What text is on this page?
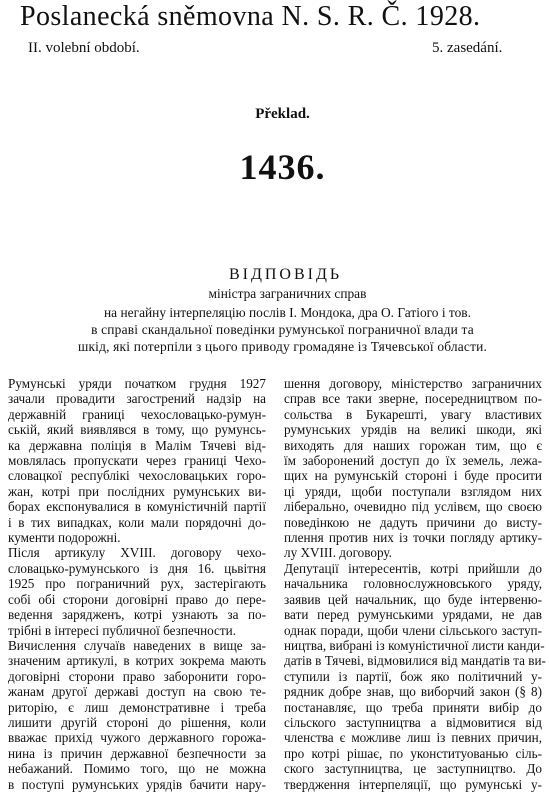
Poslanecká sněmovna N. S. R. Č. 1928.
II. volební období.	5. zasedání.
Překlad.
1436.
ВІДПОВІДЬ
міністра заграничних справ
на негайну інтерпеляцію послів І. Мондока, дра О. Гатіого і тов.
в справі скандальної поведінки румунської пограничної влади та
шкід, які потерпіли з цього приводу громадяне із Тячевської области.
Румунські уряди початком грудня 1927
зачали провадити загострений надзір на
державній границі чехословацько-румун-
ській, який виявлявся в тому, що румунсь-
ка державна поліція в Малім Тячеві від-
мовлялась пропускати через границі Чехо-
словацкої республікі чехословацьких горо-
жан, котрі при послідних румунських ви-
борах експонувалися в комуністичній партії
і в тих випадках, коли мали порядочні до-
кументи подорожні.
Після артикулу XVIII. договору чехо-
словацько-румунського із дня 16. цьвітня
1925 про пограничний рух, застерігають
собі обі сторони договірні право до пере-
ведення зарядженъ, котрі узнають за по-
трібні в інтересі публичної безпечности.
Вичислення случаїв наведених в вище за-
значеним артикулі, в котрих зокрема мають
договірні сторони право заборонити горо-
жанам другої державі доступ на свою те-
риторію, є лиш демонстративне і треба
лишити другій стороні до рішення, коли
вважає прихід чужого державного горожа-
нина із причин державної безпечности за
небажаний. Помимо того, що не можна
в поступі румунських урядів бачити нару-
шення договору, міністерство заграничних
справ все таки зверне, посередництвом по-
сольства в Букарешті, увагу властивих
румунських урядів на великі шкоди, які
виходять для наших горожан тим, що є
їм заборонений доступ до їх земель, лежа-
щих на румунській стороні і буде просити
ці уряди, щоби поступали взглядом них
ліберально, очевидно під услівєм, що своєю
поведінкою не дадуть причини до висту-
плення против них із точки погляду артику-
лу XVIII. договору.
Депутації інтересентів, котрі прийшли до
начальника головнослужновського уряду,
заявив цей начальник, що буде інтервеню-
вати перед румунськими урядами, не дав
однак поради, щоби члени сільського заступ-
ництва, вибрані із комуністичної листи канди-
датів в Тячеві, відмовилися від мандатів та ви-
ступили із партії, бож яко політичний у-
рядник добре знав, що виборчий закон (§ 8)
постанавляє, що треба приняти вибір до
сільского заступництва а відмовитися від
членства є можливе лиш із певних причин,
про котрі рішає, по уконституованью сіль-
ского заступництва, це заступництво. До
твердження інтерпеляції, що румунські у-
